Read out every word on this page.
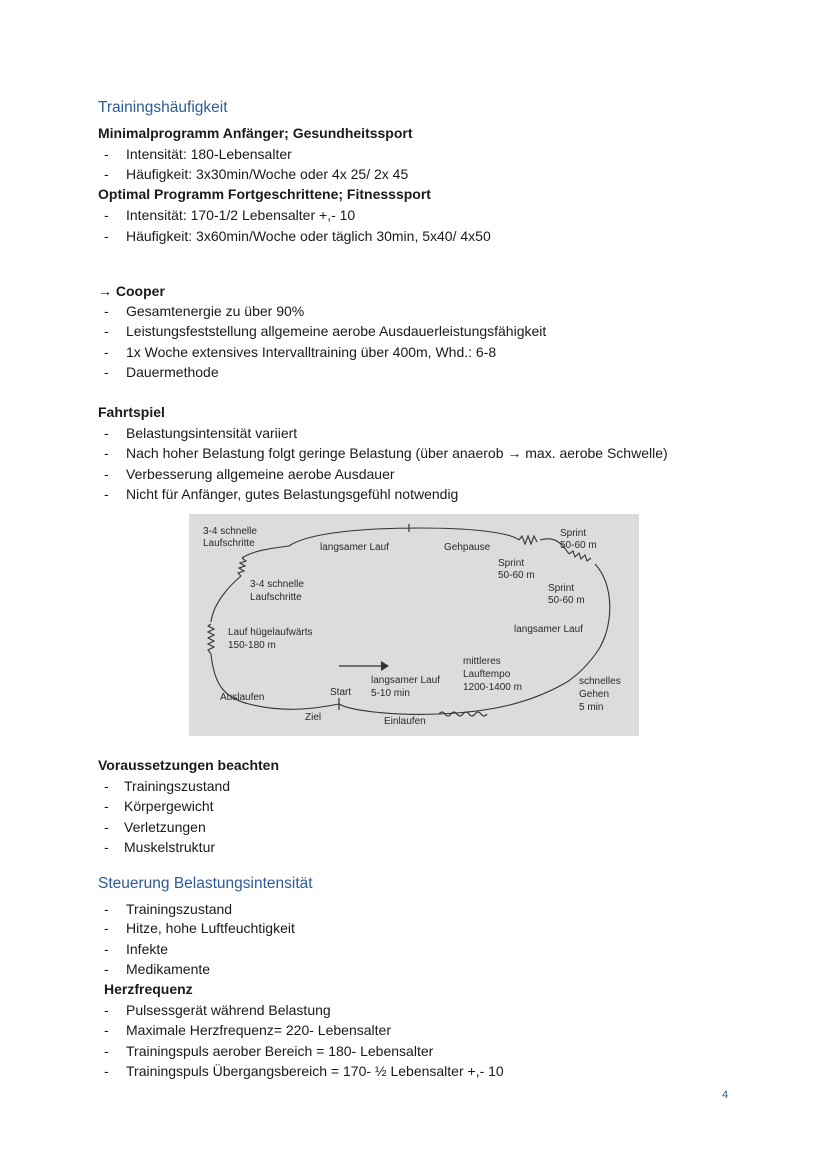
Trainingshäufigkeit
Minimalprogramm Anfänger; Gesundheitssport
- Intensität: 180-Lebensalter
- Häufigkeit: 3x30min/Woche oder 4x 25/ 2x 45
Optimal Programm Fortgeschrittene; Fitnesssport
- Intensität: 170-1/2 Lebensalter +,- 10
- Häufigkeit: 3x60min/Woche oder täglich 30min, 5x40/ 4x50
→ Cooper
- Gesamtenergie zu über 90%
- Leistungsfeststellung allgemeine aerobe Ausdauerleistungsfähigkeit
- 1x Woche extensives Intervalltraining über 400m, Whd.: 6-8
- Dauermethode
Fahrtspiel
- Belastungsintensität variiert
- Nach hoher Belastung folgt geringe Belastung (über anaerob → max. aerobe Schwelle)
- Verbesserung allgemeine aerobe Ausdauer
- Nicht für Anfänger, gutes Belastungsgefühl notwendig
3-4 schnelle
Laufschritte	langsamer Lauf	Gehpause
Sprint
50-60 m
Sprint
50-60 m
Sprint
50-60 m
3-4 schnelle
Laufschritte
langsamer Lauf
Lauf hügelaufwärts
150-180 m
mittleres
Lauftempo
1200-1400 m
langsamer Lauf
5-10 min
Start
Auslaufen
Ziel	Einlaufen
schnelles
Gehen
5 min
Voraussetzungen beachten
- Trainingszustand
- Körpergewicht
- Verletzungen
- Muskelstruktur
Steuerung Belastungsintensität
- Trainingszustand
- Hitze, hohe Luftfeuchtigkeit
- Infekte
- Medikamente
Herzfrequenz
- Pulsessgerät während Belastung
- Maximale Herzfrequenz= 220- Lebensalter
- Trainingspuls aerober Bereich = 180- Lebensalter
- Trainingspuls Übergangsbereich = 170- ½ Lebensalter +,- 10
4
